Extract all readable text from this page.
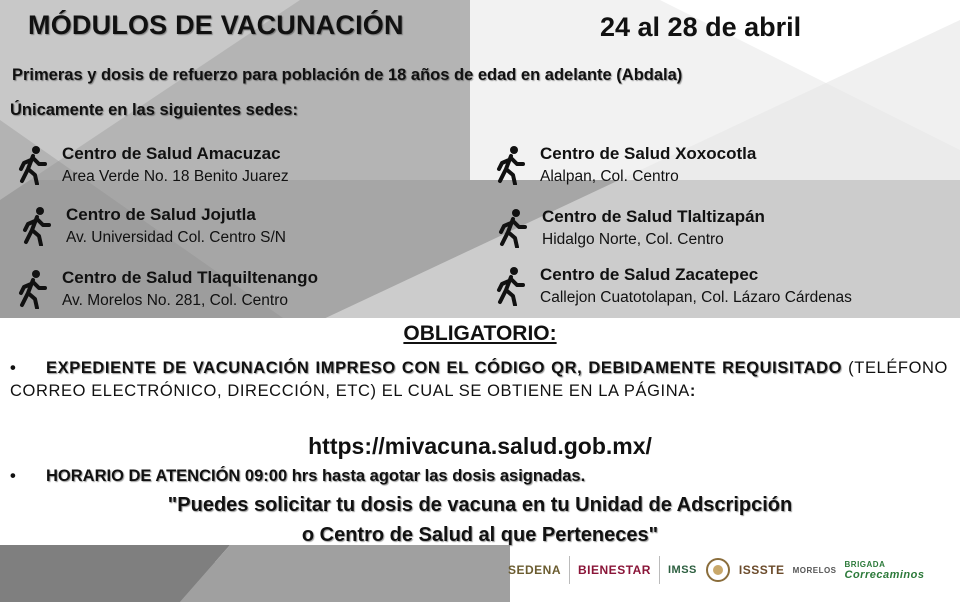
MÓDULOS DE VACUNACIÓN	24 al 28 de abril
Primeras y dosis de refuerzo para población de 18 años de edad en adelante (Abdala)
Únicamente en las siguientes sedes:
Centro de Salud Amacuzac
Area Verde No. 18 Benito Juarez
Centro de Salud Jojutla
Av. Universidad Col. Centro S/N
Centro de Salud Tlaquiltenango
Av. Morelos No. 281, Col. Centro
Centro de Salud Xoxocotla
Alalpan, Col. Centro
Centro de Salud Tlaltizapán
Hidalgo Norte, Col. Centro
Centro de Salud Zacatepec
Callejon Cuatotolapan, Col. Lázaro Cárdenas
OBLIGATORIO:
• EXPEDIENTE DE VACUNACIÓN IMPRESO CON EL CÓDIGO QR, DEBIDAMENTE REQUISITADO (TELÉFONO CORREO ELECTRÓNICO, DIRECCIÓN, ETC) EL CUAL SE OBTIENE EN LA PÁGINA:
https://mivacuna.salud.gob.mx/
• HORARIO DE ATENCIÓN 09:00 hrs hasta agotar las dosis asignadas.
"Puedes solicitar tu dosis de vacuna en tu Unidad de Adscripción
o Centro de Salud al que Perteneces"
SEDENA BIENESTAR IMSS	ISSSTE MORELOS
BRIGADA
Correcaminos
